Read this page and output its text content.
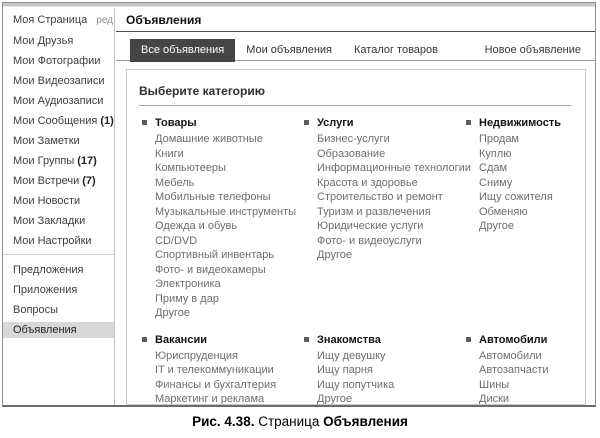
Моя Страница ред.
Мои Друзья
Мои Фотографии
Мои Видеозаписи
Мои Аудиозаписи
Мои Сообщения (1)
Мои Заметки
Мои Группы (17)
Мои Встречи (7)
Мои Новости
Мои Закладки
Мои Настройки
Предложения
Приложения
Вопросы
Объявления
Объявления
Все объявления Мои объявления Каталог товаров	Новое объявление
Выберите категорию
Товары
Домашние животные
Книги
Компьютееры
Мебель
Мобильные телефоны
Музыкальные инструменты
Одежда и обувь
CD/DVD
Спортивный инвентарь
Фото- и видеокамеры
Электроника
Приму в дар
Другое
Услуги
Бизнес-услуги
Образование
Информационные технологии
Красота и здоровье
Строительство и ремонт
Туризм и развлечения
Юридические услуги
Фото- и видеоуслуги
Другое
Недвижимость
Продам
Куплю
Сдам
Сниму
Ищу сожителя
Обменяю
Другое
Вакансии
Юриспруденция
IT и телекоммуникации
Финансы и бухгалтерия
Маркетинг и реклама
Знакомства
Ищу девушку
Ищу парня
Ищу попутчика
Другое
Автомобили
Автомобили
Автозапчасти
Шины
Диски
Рис. 4.38. Страница Объявления
